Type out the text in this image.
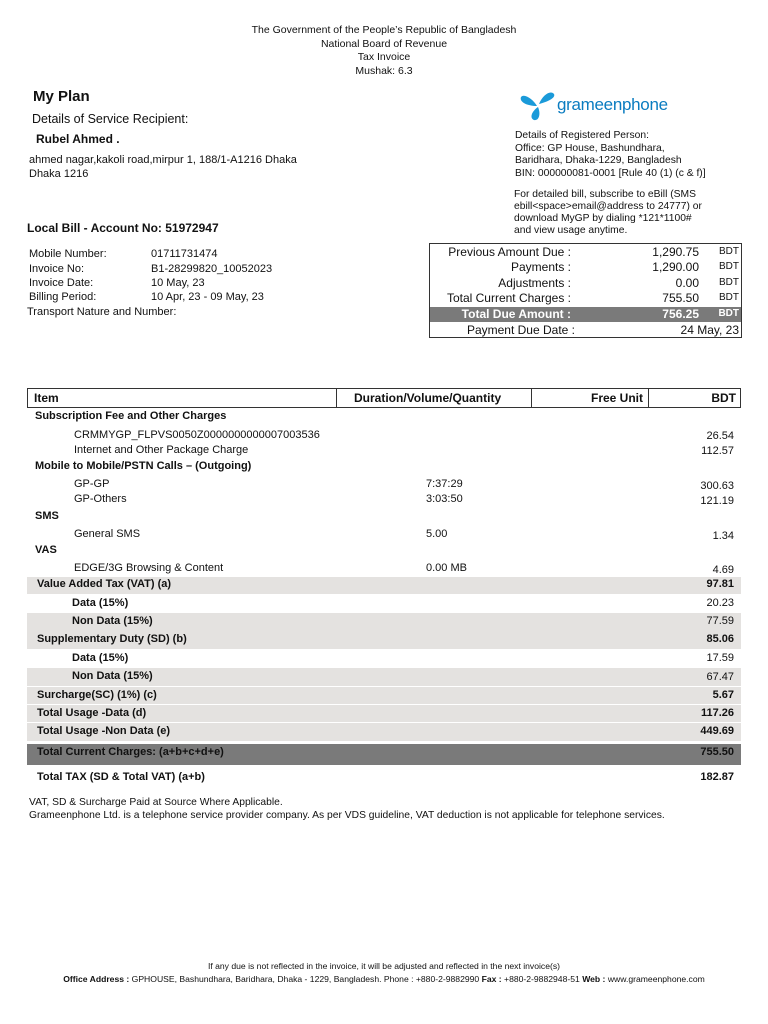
The Government of the People’s Republic of Bangladesh
National Board of Revenue
Tax Invoice
Mushak: 6.3
My Plan
Details of Service Recipient:
Rubel Ahmed .
ahmed nagar,kakoli road,mirpur 1, 188/1-A1216 Dhaka
Dhaka 1216
grameenphone
Details of Registered Person:
Office: GP House, Bashundhara,
Baridhara, Dhaka-1229, Bangladesh
BIN: 000000081-0001 [Rule 40 (1) (c & f)]
For detailed bill, subscribe to eBill (SMS
ebill<space>email@address to 24777) or
download MyGP by dialing *121*1100#
and view usage anytime.
Local Bill - Account No: 51972947
Mobile Number:	01711731474
Invoice No:	B1-28299820_10052023
Invoice Date:	10 May, 23
Billing Period:	10 Apr, 23 - 09 May, 23
Transport Nature and Number:
Previous Amount Due :	1,290.75 BDT
Payments :	1,290.00 BDT
Adjustments :	0.00 BDT
Total Current Charges :	755.50 BDT
Total Due Amount :	756.25 BDT
Payment Due Date :	24 May, 23
Item	Duration/Volume/Quantity	Free Unit	BDT
Subscription Fee and Other Charges
CRMMYGP_FLPVS0050Z0000000000007003536	26.54
Internet and Other Package Charge	112.57
Mobile to Mobile/PSTN Calls – (Outgoing)
GP-GP	7:37:29	300.63
GP-Others	3:03:50	121.19
SMS
General SMS	5.00	1.34
VAS
EDGE/3G Browsing & Content	0.00 MB	4.69
Value Added Tax (VAT) (a)	97.81
Data (15%)	20.23
Non Data (15%)	77.59
Supplementary Duty (SD) (b)	85.06
Data (15%)	17.59
Non Data (15%)	67.47
Surcharge(SC) (1%) (c)	5.67
Total Usage -Data (d)	117.26
Total Usage -Non Data (e)	449.69
Total Current Charges: (a+b+c+d+e)	755.50
Total TAX (SD & Total VAT) (a+b)	182.87
VAT, SD & Surcharge Paid at Source Where Applicable.
Grameenphone Ltd. is a telephone service provider company. As per VDS guideline, VAT deduction is not applicable for telephone services.
If any due is not reflected in the invoice, it will be adjusted and reflected in the next invoice(s)
Office Address : GPHOUSE, Bashundhara, Baridhara, Dhaka - 1229, Bangladesh. Phone : +880-2-9882990 Fax : +880-2-9882948-51 Web : www.grameenphone.com
